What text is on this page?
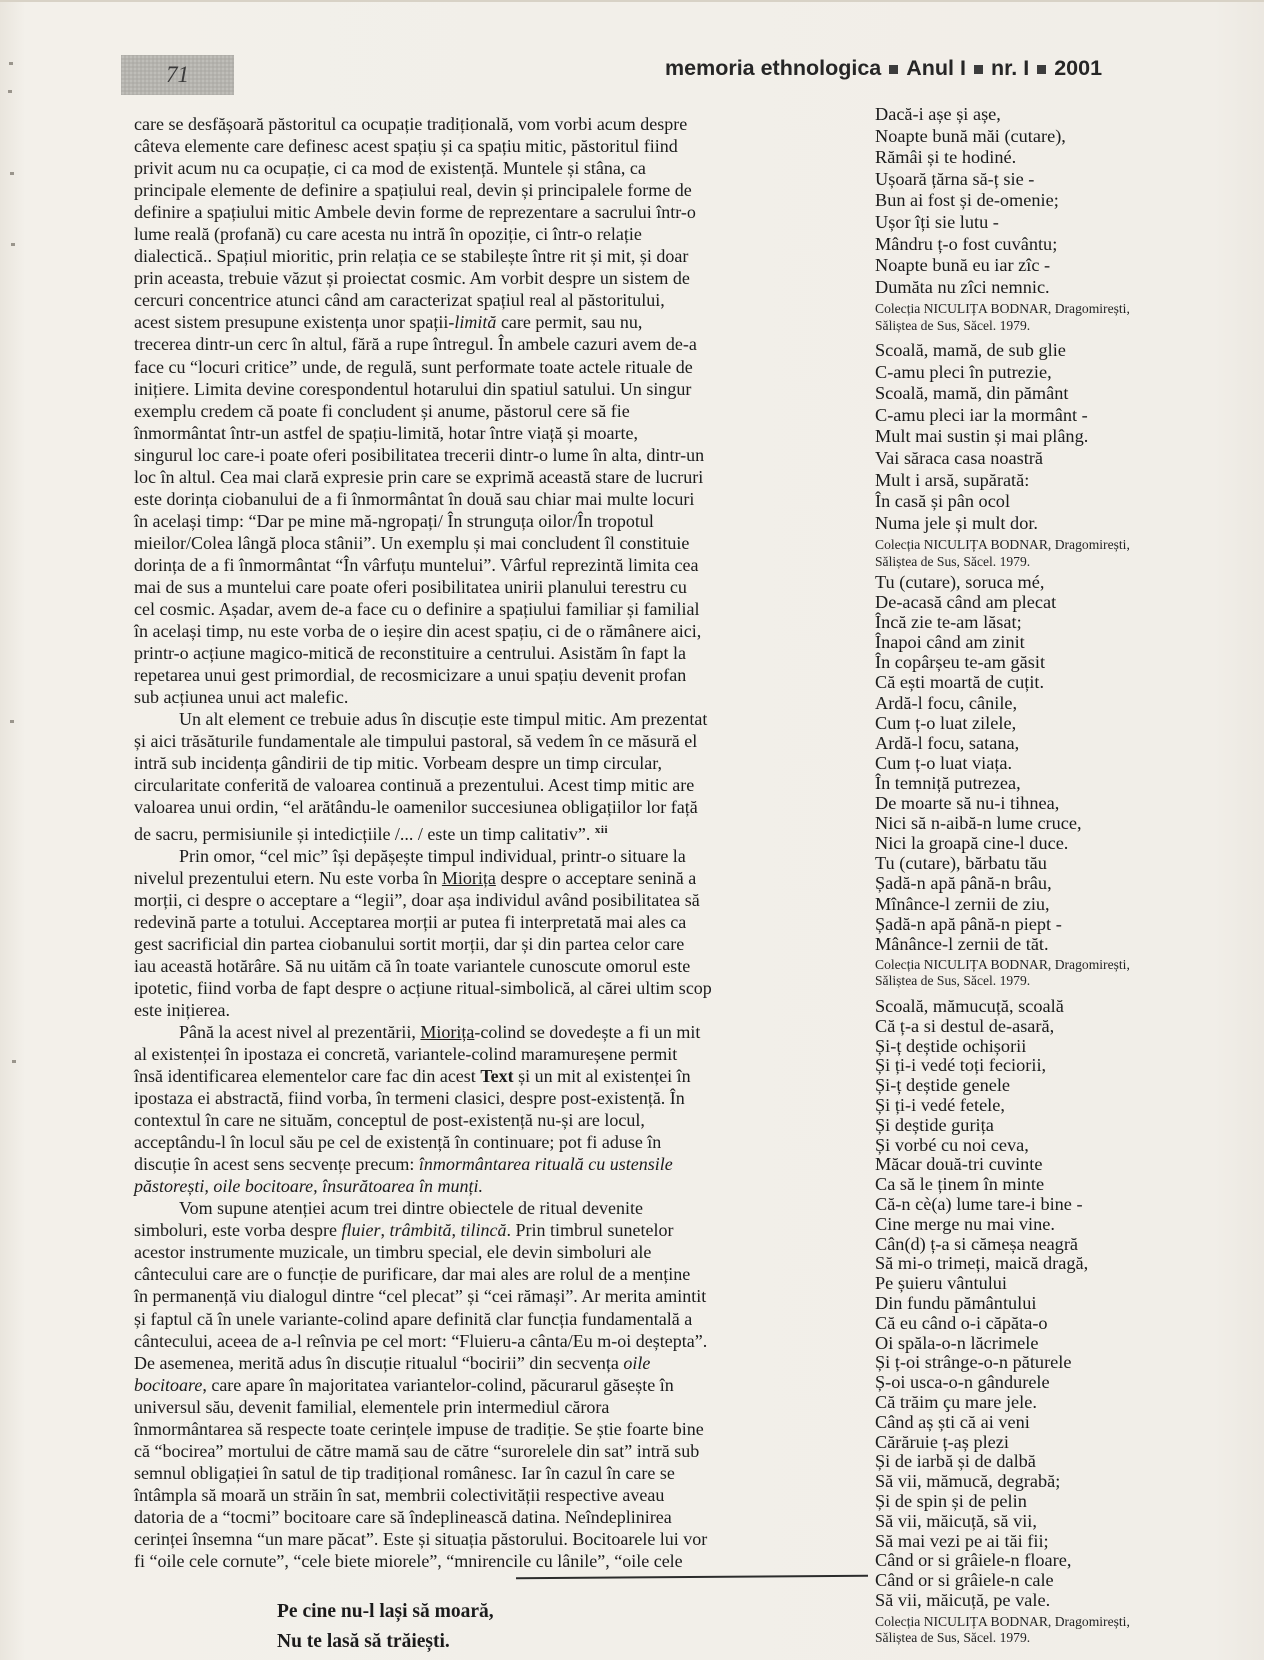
71	memoria ethnologica Anul I nr. I 2001
care se desfășoară păstoritul ca ocupație tradițională, vom vorbi acum despre
câteva elemente care definesc acest spațiu și ca spațiu mitic, păstoritul fiind
privit acum nu ca ocupație, ci ca mod de existență. Muntele și stâna, ca
principale elemente de definire a spațiului real, devin și principalele forme de
definire a spațiului mitic Ambele devin forme de reprezentare a sacrului într-o
lume reală (profană) cu care acesta nu intră în opoziție, ci într-o relație
dialectică.. Spațiul mioritic, prin relația ce se stabilește între rit și mit, și doar
prin aceasta, trebuie văzut și proiectat cosmic. Am vorbit despre un sistem de
cercuri concentrice atunci când am caracterizat spațiul real al păstoritului,
acest sistem presupune existența unor spații-limită care permit, sau nu,
trecerea dintr-un cerc în altul, fără a rupe întregul. În ambele cazuri avem de-a
face cu “locuri critice” unde, de regulă, sunt performate toate actele rituale de
inițiere. Limita devine corespondentul hotarului din spatiul satului. Un singur
exemplu credem că poate fi concludent și anume, păstorul cere să fie
înmormântat într-un astfel de spațiu-limită, hotar între viață și moarte,
singurul loc care-i poate oferi posibilitatea trecerii dintr-o lume în alta, dintr-un
loc în altul. Cea mai clară expresie prin care se exprimă această stare de lucruri
este dorința ciobanului de a fi înmormântat în două sau chiar mai multe locuri
în același timp: “Dar pe mine mă-ngropați/ În strunguța oilor/În tropotul
mieilor/Colea lângă ploca stânii”. Un exemplu și mai concludent îl constituie
dorința de a fi înmormântat “În vârfuțu muntelui”. Vârful reprezintă limita cea
mai de sus a muntelui care poate oferi posibilitatea unirii planului terestru cu
cel cosmic. Așadar, avem de-a face cu o definire a spațiului familiar și familial
în același timp, nu este vorba de o ieșire din acest spațiu, ci de o rămânere aici,
printr-o acțiune magico-mitică de reconstituire a centrului. Asistăm în fapt la
repetarea unui gest primordial, de recosmicizare a unui spațiu devenit profan
sub acțiunea unui act malefic.
Un alt element ce trebuie adus în discuție este timpul mitic. Am prezentat
și aici trăsăturile fundamentale ale timpului pastoral, să vedem în ce măsură el
intră sub incidența gândirii de tip mitic. Vorbeam despre un timp circular,
circularitate conferită de valoarea continuă a prezentului. Acest timp mitic are
valoarea unui ordin, “el arătându-le oamenilor succesiunea obligațiilor lor față
de sacru, permisiunile și intedicțiile /... / este un timp calitativ”. $^{xii}$
Prin omor, “cel mic” își depășește timpul individual, printr-o situare la
nivelul prezentului etern. Nu este vorba în Miorița despre o acceptare senină a
morții, ci despre o acceptare a “legii”, doar așa individul având posibilitatea să
redevină parte a totului. Acceptarea morții ar putea fi interpretată mai ales ca
gest sacrificial din partea ciobanului sortit morții, dar și din partea celor care
iau această hotărâre. Să nu uităm că în toate variantele cunoscute omorul este
ipotetic, fiind vorba de fapt despre o acțiune ritual-simbolică, al cărei ultim scop
este inițierea.
Până la acest nivel al prezentării, Miorița-colind se dovedește a fi un mit
al existenței în ipostaza ei concretă, variantele-colind maramureșene permit
însă identificarea elementelor care fac din acest Text și un mit al existenței în
ipostaza ei abstractă, fiind vorba, în termeni clasici, despre post-existență. În
contextul în care ne situăm, conceptul de post-existență nu-și are locul,
acceptându-l în locul său pe cel de existență în continuare; pot fi aduse în
discuție în acest sens secvențe precum: înmormântarea rituală cu ustensile
păstorești, oile bocitoare, însurătoarea în munți.
Vom supune atenției acum trei dintre obiectele de ritual devenite
simboluri, este vorba despre fluier, trâmbită, tilincă. Prin timbrul sunetelor
acestor instrumente muzicale, un timbru special, ele devin simboluri ale
cântecului care are o funcție de purificare, dar mai ales are rolul de a menține
în permanență viu dialogul dintre “cel plecat” și “cei rămași”. Ar merita amintit
și faptul că în unele variante-colind apare definită clar funcția fundamentală a
cântecului, aceea de a-l reînvia pe cel mort: “Fluieru-a cânta/Eu m-oi deștepta”.
De asemenea, merită adus în discuție ritualul “bocirii” din secvența oile
bocitoare, care apare în majoritatea variantelor-colind, păcurarul găsește în
universul său, devenit familial, elementele prin intermediul cărora
înmormântarea să respecte toate cerințele impuse de tradiție. Se știe foarte bine
că “bocirea” mortului de către mamă sau de către “surorelele din sat” intră sub
semnul obligației în satul de tip tradițional românesc. Iar în cazul în care se
întâmpla să moară un străin în sat, membrii colectivității respective aveau
datoria de a “tocmi” bocitoare care să îndeplinească datina. Neîndeplinirea
cerinței însemna “un mare păcat”. Este și situația păstorului. Bocitoarele lui vor
fi “oile cele cornute”, “cele biete miorele”, “mnirencile cu lânile”, “oile cele
Pe cine nu-l lași să moară,
Nu te lasă să trăiești.
Dacă-i așe și așe,
Noapte bună măi (cutare),
Rămâi și te hodiné.
Ușoară țărna să-ț sie -
Bun ai fost și de-omenie;
Ușor îți sie lutu -
Mândru ț-o fost cuvântu;
Noapte bună eu iar zîc -
Dumăta nu zîci nemnic.
Colecția NICULIȚA BODNAR, Dragomirești,
Săliștea de Sus, Săcel. 1979.
Scoală, mamă, de sub glie
C-amu pleci în putrezie,
Scoală, mamă, din pământ
C-amu pleci iar la mormânt -
Mult mai sustin și mai plâng.
Vai săraca casa noastră
Mult i arsă, supărată:
În casă și pân ocol
Numa jele și mult dor.
Colecția NICULIȚA BODNAR, Dragomirești,
Săliștea de Sus, Săcel. 1979.
Tu (cutare), soruca mé,
De-acasă când am plecat
Încă zie te-am lăsat;
Înapoi când am zinit
În copârșeu te-am găsit
Că ești moartă de cuțit.
Ardă-l focu, cânile,
Cum ț-o luat zilele,
Ardă-l focu, satana,
Cum ț-o luat viața.
În temniță putrezea,
De moarte să nu-i tihnea,
Nici să n-aibă-n lume cruce,
Nici la groapă cine-l duce.
Tu (cutare), bărbatu tău
Șadă-n apă până-n brâu,
Mînânce-l zernii de ziu,
Șadă-n apă până-n piept -
Mânânce-l zernii de tăt.
Colecția NICULIȚA BODNAR, Dragomirești,
Săliștea de Sus, Săcel. 1979.
Scoală, mămucuță, scoală
Că ț-a si destul de-asară,
Și-ț deștide ochișorii
Și ți-i vedé toți feciorii,
Și-ț deștide genele
Și ți-i vedé fetele,
Și deștide gurița
Și vorbé cu noi ceva,
Măcar două-tri cuvinte
Ca să le ținem în minte
Că-n cè(a) lume tare-i bine -
Cine merge nu mai vine.
Cân(d) ț-a si cămeșa neagră
Să mi-o trimeți, maică dragă,
Pe șuieru vântului
Din fundu pământului
Că eu când o-i căpăta-o
Oi spăla-o-n lăcrimele
Și ț-oi strânge-o-n păturele
Ș-oi usca-o-n gândurele
Că trăim çu mare jele.
Când aș ști că ai veni
Cărăruie ț-aș plezi
Și de iarbă și de dalbă
Să vii, mămucă, degrabă;
Și de spin și de pelin
Să vii, măicuță, să vii,
Să mai vezi pe ai tăi fii;
Când or si grâiele-n floare,
Când or si grâiele-n cale
Să vii, măicuță, pe vale.
Colecția NICULIȚA BODNAR, Dragomirești,
Săliștea de Sus, Săcel. 1979.
